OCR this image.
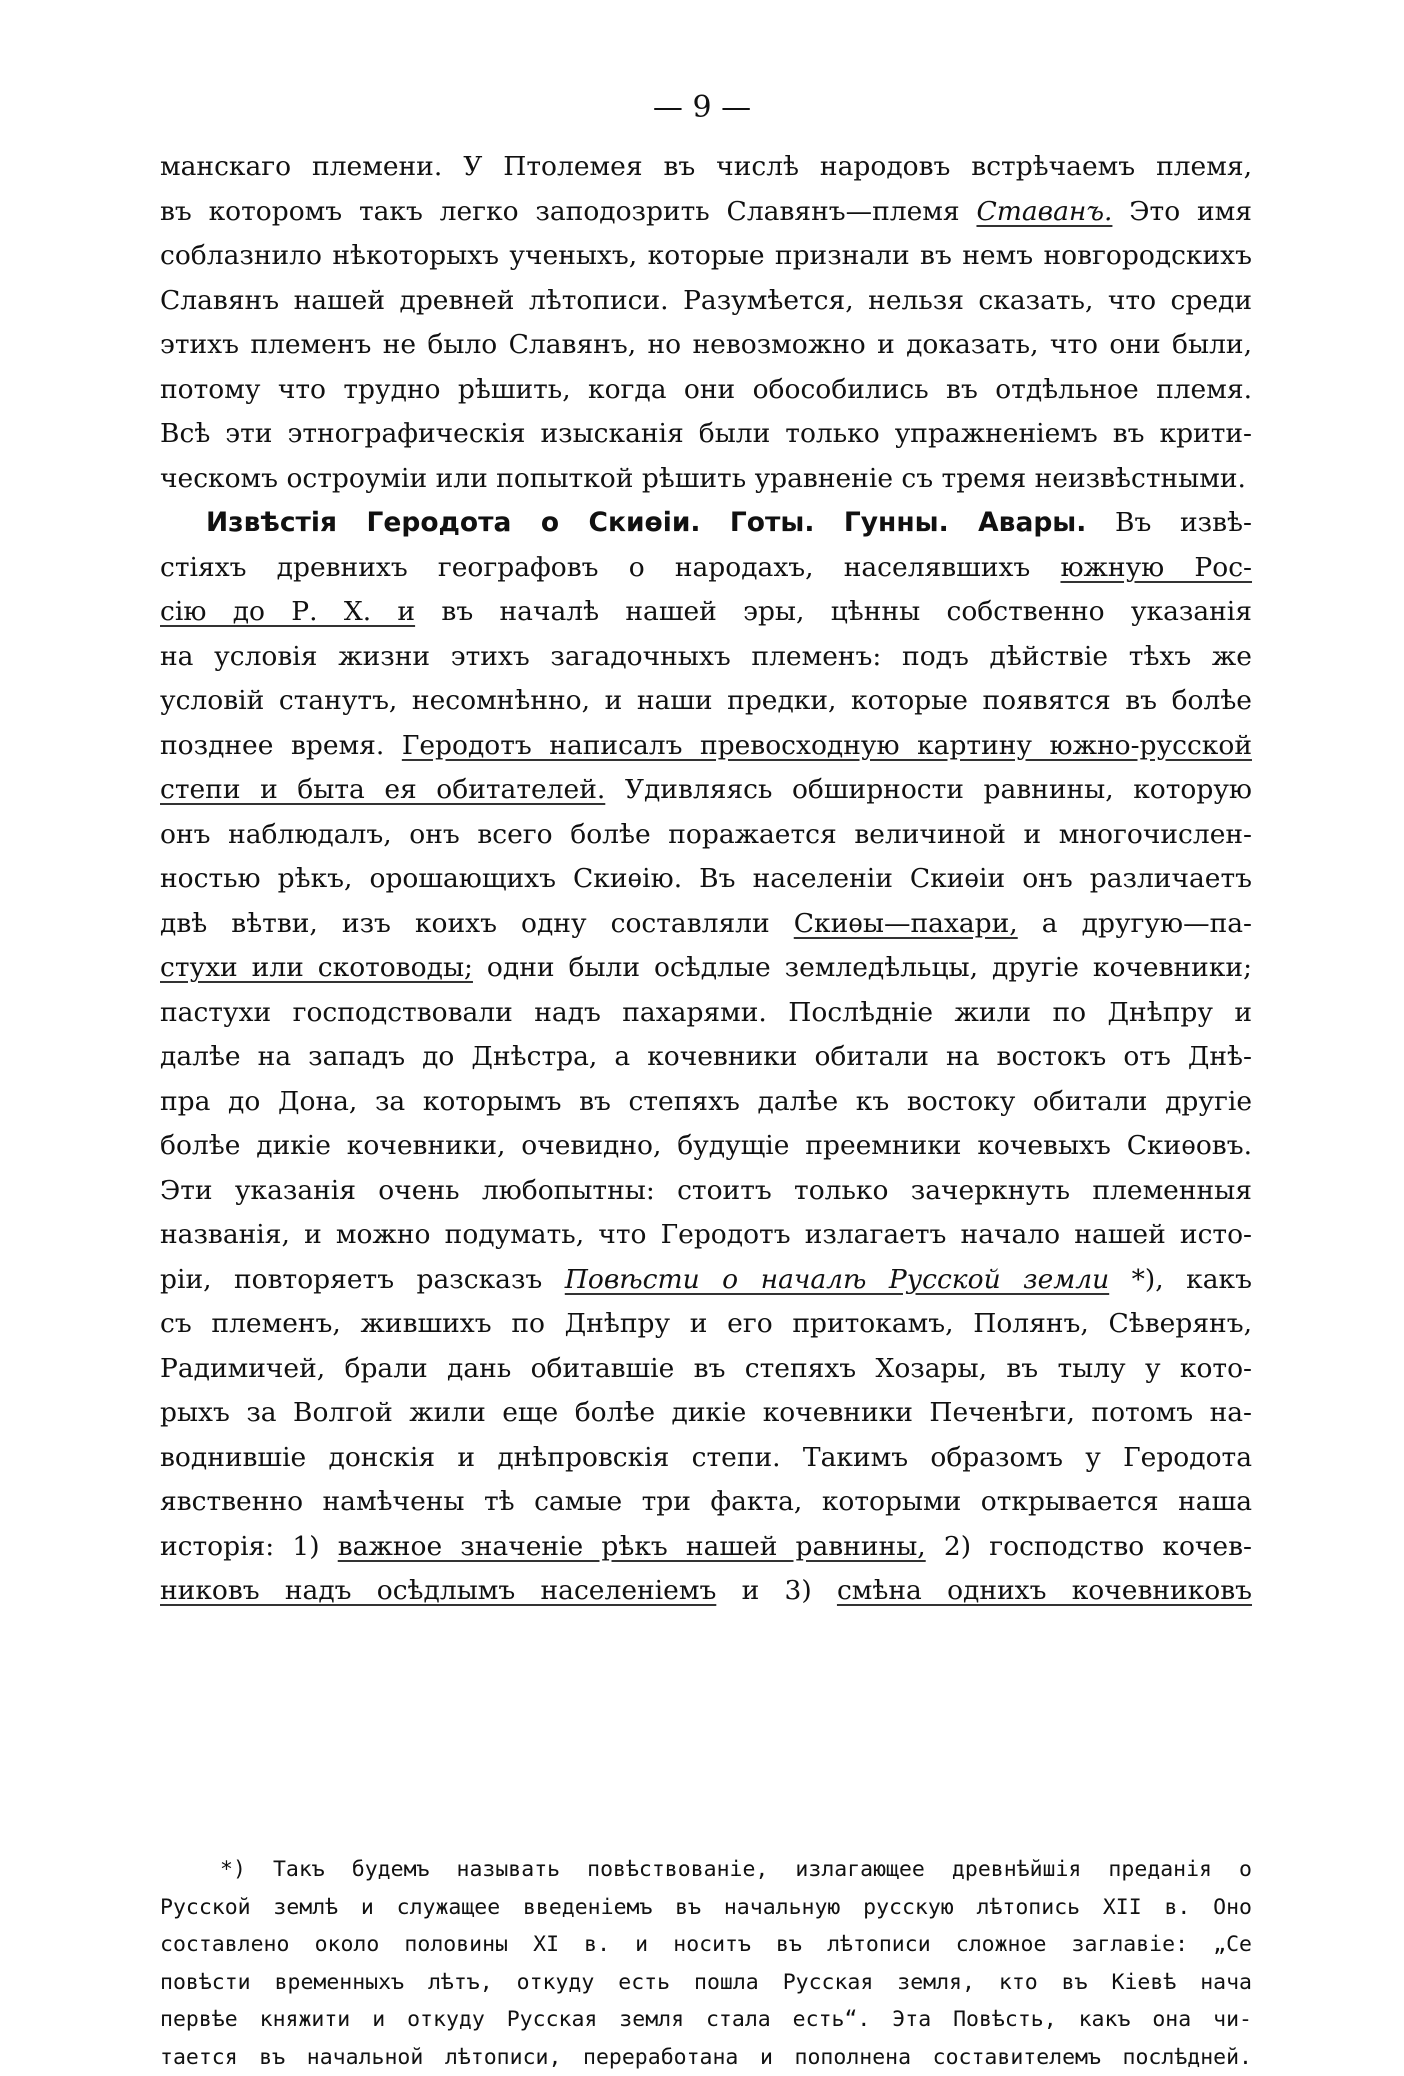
— 9 —
манскаго племени. У Птолемея въ числѣ народовъ встрѣчаемъ племя,
въ которомъ такъ легко заподозрить Славянъ—племя Ставанъ. Это имя
соблазнило нѣкоторыхъ ученыхъ, которые признали въ немъ новгородскихъ
Славянъ нашей древней лѣтописи. Разумѣется, нельзя сказать, что среди
этихъ племенъ не было Славянъ, но невозможно и доказать, что они были,
потому что трудно рѣшить, когда они обособились въ отдѣльное племя.
Всѣ эти этнографическія изысканія были только упражненіемъ въ крити-
ческомъ остроуміи или попыткой рѣшить уравненіе съ тремя неизвѣстными.
Извѣстія Геродота о Скиѳіи. Готы. Гунны. Авары. Въ извѣ-
стіяхъ древнихъ географовъ о народахъ, населявшихъ южную Рос-
сію до Р. Х. и въ началѣ нашей эры, цѣнны собственно указанія
на условія жизни этихъ загадочныхъ племенъ: подъ дѣйствіе тѣхъ же
условій станутъ, несомнѣнно, и наши предки, которые появятся въ болѣе
позднее время. Геродотъ написалъ превосходную картину южно-русской
степи и быта ея обитателей. Удивляясь обширности равнины, которую
онъ наблюдалъ, онъ всего болѣе поражается величиной и многочислен-
ностью рѣкъ, орошающихъ Скиѳію. Въ населеніи Скиѳіи онъ различаетъ
двѣ вѣтви, изъ коихъ одну составляли Скиѳы—пахари, а другую—па-
стухи или скотоводы; одни были осѣдлые земледѣльцы, другіе кочевники;
пастухи господствовали надъ пахарями. Послѣдніе жили по Днѣпру и
далѣе на западъ до Днѣстра, а кочевники обитали на востокъ отъ Днѣ-
пра до Дона, за которымъ въ степяхъ далѣе къ востоку обитали другіе
болѣе дикіе кочевники, очевидно, будущіе преемники кочевыхъ Скиѳовъ.
Эти указанія очень любопытны: стоитъ только зачеркнуть племенныя
названія, и можно подумать, что Геродотъ излагаетъ начало нашей исто-
ріи, повторяетъ разсказъ Повѣсти о началѣ Русской земли *), какъ
съ племенъ, жившихъ по Днѣпру и его притокамъ, Полянъ, Сѣверянъ,
Радимичей, брали дань обитавшіе въ степяхъ Хозары, въ тылу у кото-
рыхъ за Волгой жили еще болѣе дикіе кочевники Печенѣги, потомъ на-
воднившіе донскія и днѣпровскія степи. Такимъ образомъ у Геродота
явственно намѣчены тѣ самые три факта, которыми открывается наша
исторія: 1) важное значеніе рѣкъ нашей равнины, 2) господство кочев-
никовъ надъ осѣдлымъ населеніемъ и 3) смѣна однихъ кочевниковъ
*) Такъ будемъ называть повѣствованіе, излагающее древнѣйшія преданія о
Русской землѣ и служащее введеніемъ въ начальную русскую лѣтопись XII в. Оно
составлено около половины XI в. и носитъ въ лѣтописи сложное заглавіе: „Се
повѣсти временныхъ лѣтъ, откуду есть пошла Русская земля, кто въ Кіевѣ нача
первѣе княжити и откуду Русская земля стала есть“. Эта Повѣсть, какъ она чи-
тается въ начальной лѣтописи, переработана и пополнена составителемъ послѣдней.
